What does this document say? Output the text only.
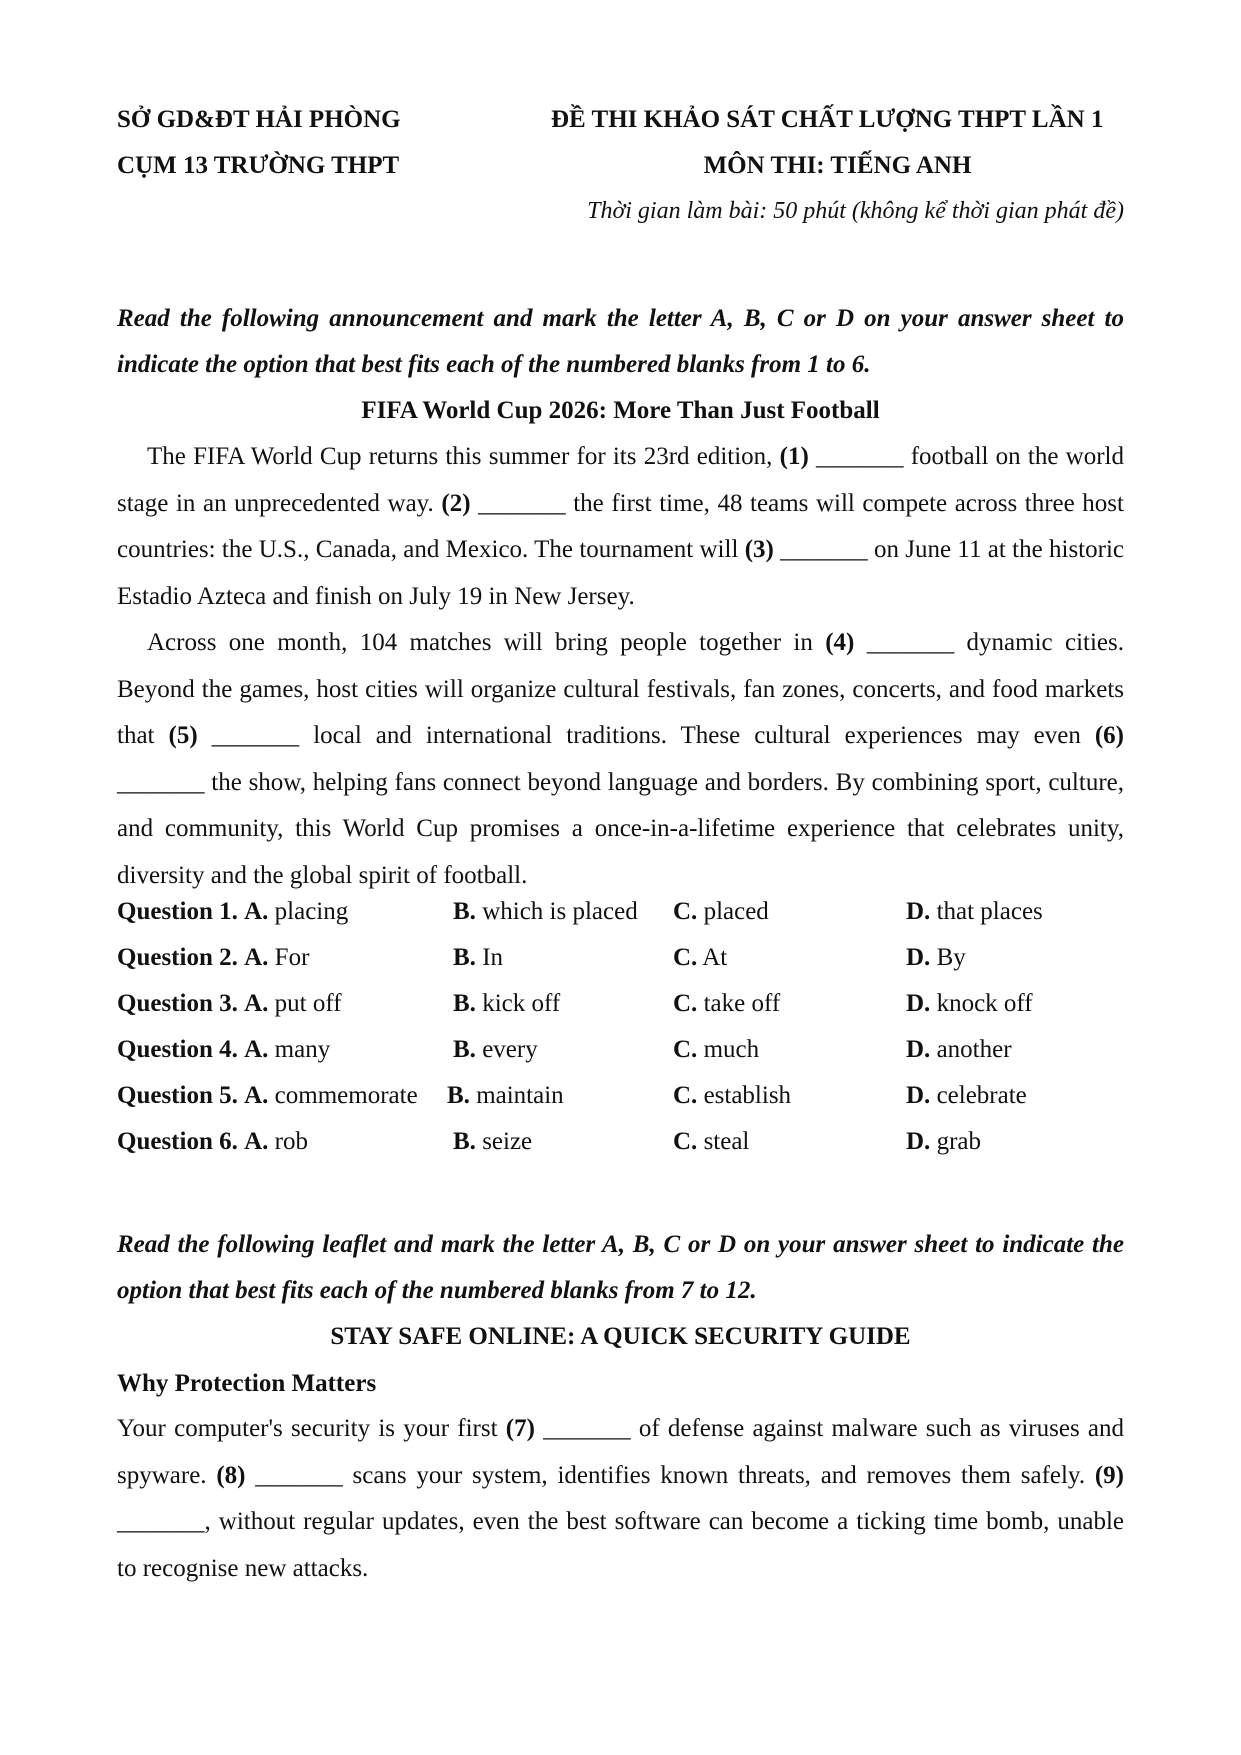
SỞ GD&ĐT HẢI PHÒNG
CỤM 13 TRƯỜNG THPT
ĐỀ THI KHẢO SÁT CHẤT LƯỢNG THPT LẦN 1
MÔN THI: TIẾNG ANH
Thời gian làm bài: 50 phút (không kể thời gian phát đề)
Read the following announcement and mark the letter A, B, C or D on your answer sheet to indicate the option that best fits each of the numbered blanks from 1 to 6.
FIFA World Cup 2026: More Than Just Football

The FIFA World Cup returns this summer for its 23rd edition, (1) _______ football on the world stage in an unprecedented way. (2) _______ the first time, 48 teams will compete across three host countries: the U.S., Canada, and Mexico. The tournament will (3) _______ on June 11 at the historic Estadio Azteca and finish on July 19 in New Jersey.

Across one month, 104 matches will bring people together in (4) _______ dynamic cities. Beyond the games, host cities will organize cultural festivals, fan zones, concerts, and food markets that (5) _______ local and international traditions. These cultural experiences may even (6) _______ the show, helping fans connect beyond language and borders. By combining sport, culture, and community, this World Cup promises a once-in-a-lifetime experience that celebrates unity, diversity and the global spirit of football.

Question 1. A. placing	B. which is placed C. placed	D. that places
Question 2. A. For	B. In	C. At	D. By
Question 3. A. put off	B. kick off	C. take off	D. knock off
Question 4. A. many	B. every	C. much	D. another
Question 5. A. commemorate B. maintain	C. establish	D. celebrate
Question 6. A. rob	B. seize	C. steal	D. grab
Read the following leaflet and mark the letter A, B, C or D on your answer sheet to indicate the option that best fits each of the numbered blanks from 7 to 12.
STAY SAFE ONLINE: A QUICK SECURITY GUIDE
Why Protection Matters

Your computer's security is your first (7) _______ of defense against malware such as viruses and spyware. (8) _______ scans your system, identifies known threats, and removes them safely. (9) _______, without regular updates, even the best software can become a ticking time bomb, unable to recognise new attacks.
